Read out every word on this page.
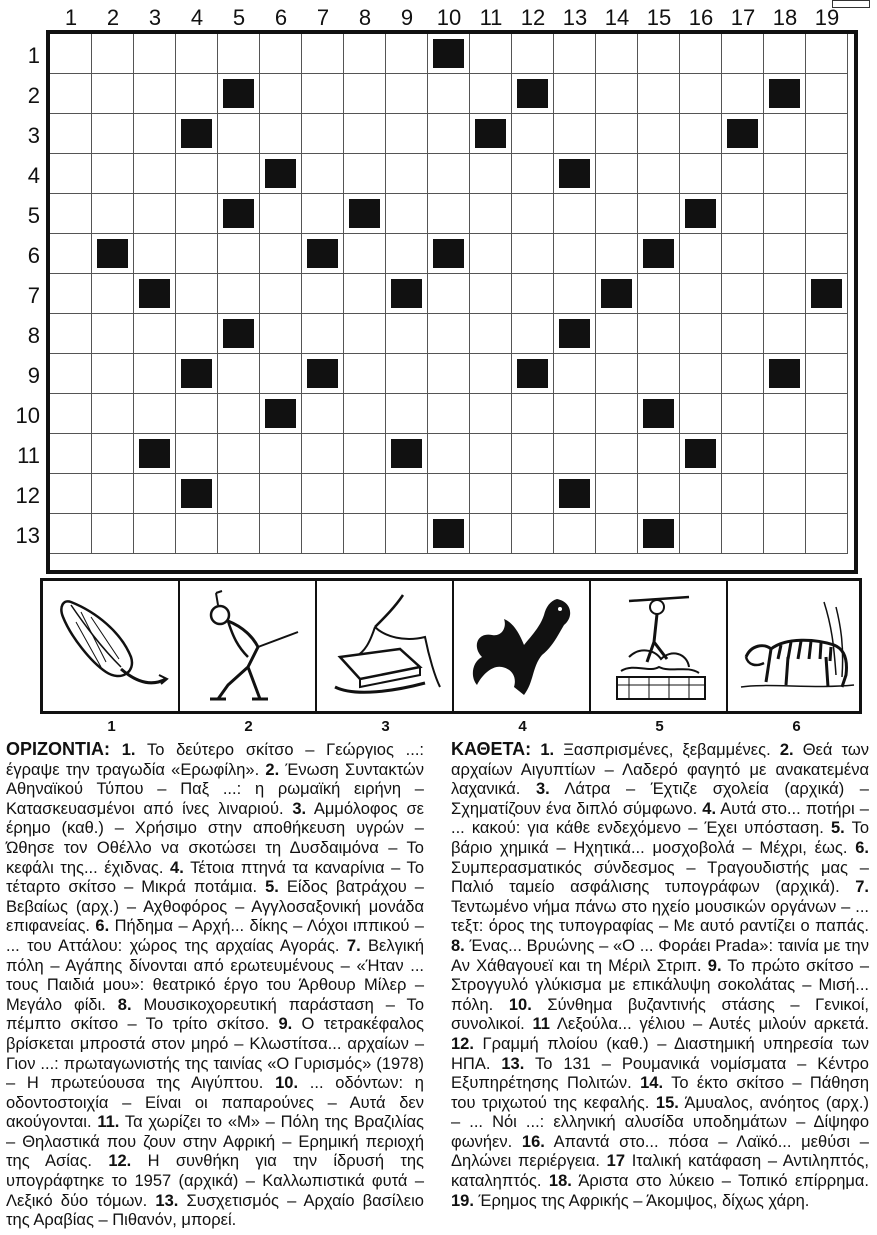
1	2	3	4	5	6	7	8	9	10 11 12 13 14 15 16 17 18 19
1
2
3
4
5
6
7
8
9
10
11
12
13
1	2	3	4	5	6
ΟΡΙΖΟΝΤΙΑ: 1. Το δεύτερο σκίτσο – Γεώργιος ...: έγραψε την τραγωδία «Ερωφίλη». 2. Ένωση Συντακτών Αθηναϊκού Τύπου – Παξ ...: η ρωμαϊκή ειρήνη – Κατασκευασμένοι από ίνες λιναριού. 3. Αμμόλοφος σε έρημο (καθ.) – Χρήσιμο στην αποθήκευση υγρών – Ώθησε τον Οθέλλο να σκοτώσει τη Δυσδαιμόνα – Το κεφάλι της... έχιδνας. 4. Τέτοια πτηνά τα καναρίνια – Το τέταρτο σκίτσο – Μικρά ποτάμια. 5. Είδος βατράχου – Βεβαίως (αρχ.) – Αχθοφόρος – Αγγλοσαξονική μονάδα επιφανείας. 6. Πήδημα – Αρχή... δίκης – Λόχοι ιππικού – ... του Αττάλου: χώρος της αρχαίας Αγοράς. 7. Βελγική πόλη – Αγάπης δίνονται από ερωτευμένους – «Ήταν ... τους Παιδιά μου»: θεατρικό έργο του Άρθουρ Μίλερ – Μεγάλο φίδι. 8. Μουσικοχορευτική παράσταση – Το πέμπτο σκίτσο – Το τρίτο σκίτσο. 9. Ο τετρακέφαλος βρίσκεται μπροστά στον μηρό – Κλωστίτσα... αρχαίων – Γιον ...: πρωταγωνιστής της ταινίας «Ο Γυρισμός» (1978) – Η πρωτεύουσα της Αιγύπτου. 10. ... οδόντων: η οδοντοστοιχία – Είναι οι παπαρούνες – Αυτά δεν ακούγονται. 11. Τα χωρίζει το «Μ» – Πόλη της Βραζιλίας – Θηλαστικά που ζουν στην Αφρική – Ερημική περιοχή της Ασίας. 12. Η συνθήκη για την ίδρυσή της υπογράφτηκε το 1957 (αρχικά) – Καλλωπιστικά φυτά – Λεξικό δύο τόμων. 13. Συσχετισμός – Αρχαίο βασίλειο της Αραβίας – Πιθανόν, μπορεί.
ΚΑΘΕΤΑ: 1. Ξασπρισμένες, ξεβαμμένες. 2. Θεά των αρχαίων Αιγυπτίων – Λαδερό φαγητό με ανακατεμένα λαχανικά. 3. Λάτρα – Έχτιζε σχολεία (αρχικά) – Σχηματίζουν ένα διπλό σύμφωνο. 4. Αυτά στο... ποτήρι – ... κακού: για κάθε ενδεχόμενο – Έχει υπόσταση. 5. Το βάριο χημικά – Ηχητικά... μοσχοβολά – Μέχρι, έως. 6. Συμπερασματικός σύνδεσμος – Τραγουδιστής μας – Παλιό ταμείο ασφάλισης τυπογράφων (αρχικά). 7. Τεντωμένο νήμα πάνω στο ηχείο μουσικών οργάνων – ... τεξτ: όρος της τυπογραφίας – Με αυτό ραντίζει ο παπάς. 8. Ένας... Βρυώνης – «Ο ... Φοράει Prada»: ταινία με την Αν Χάθαγουεϊ και τη Μέριλ Στριπ. 9. Το πρώτο σκίτσο – Στρογγυλό γλύκισμα με επικάλυψη σοκολάτας – Μισή... πόλη. 10. Σύνθημα βυζαντινής στάσης – Γενικοί, συνολικοί. 11 Λεξούλα... γέλιου – Αυτές μιλούν αρκετά. 12. Γραμμή πλοίου (καθ.) – Διαστημική υπηρεσία των ΗΠΑ. 13. Το 131 – Ρουμανικά νομίσματα – Κέντρο Εξυπηρέτησης Πολιτών. 14. Το έκτο σκίτσο – Πάθηση του τριχωτού της κεφαλής. 15. Άμυαλος, ανόητος (αρχ.) – ... Νόι ...: ελληνική αλυσίδα υποδημάτων – Δίψηφο φωνήεν. 16. Απαντά στο... πόσα – Λαϊκό... μεθύσι – Δηλώνει περιέργεια. 17 Ιταλική κατάφαση – Αντιληπτός, καταληπτός. 18. Άριστα στο λύκειο – Τοπικό επίρρημα. 19. Έρημος της Αφρικής – Άκομψος, δίχως χάρη.
